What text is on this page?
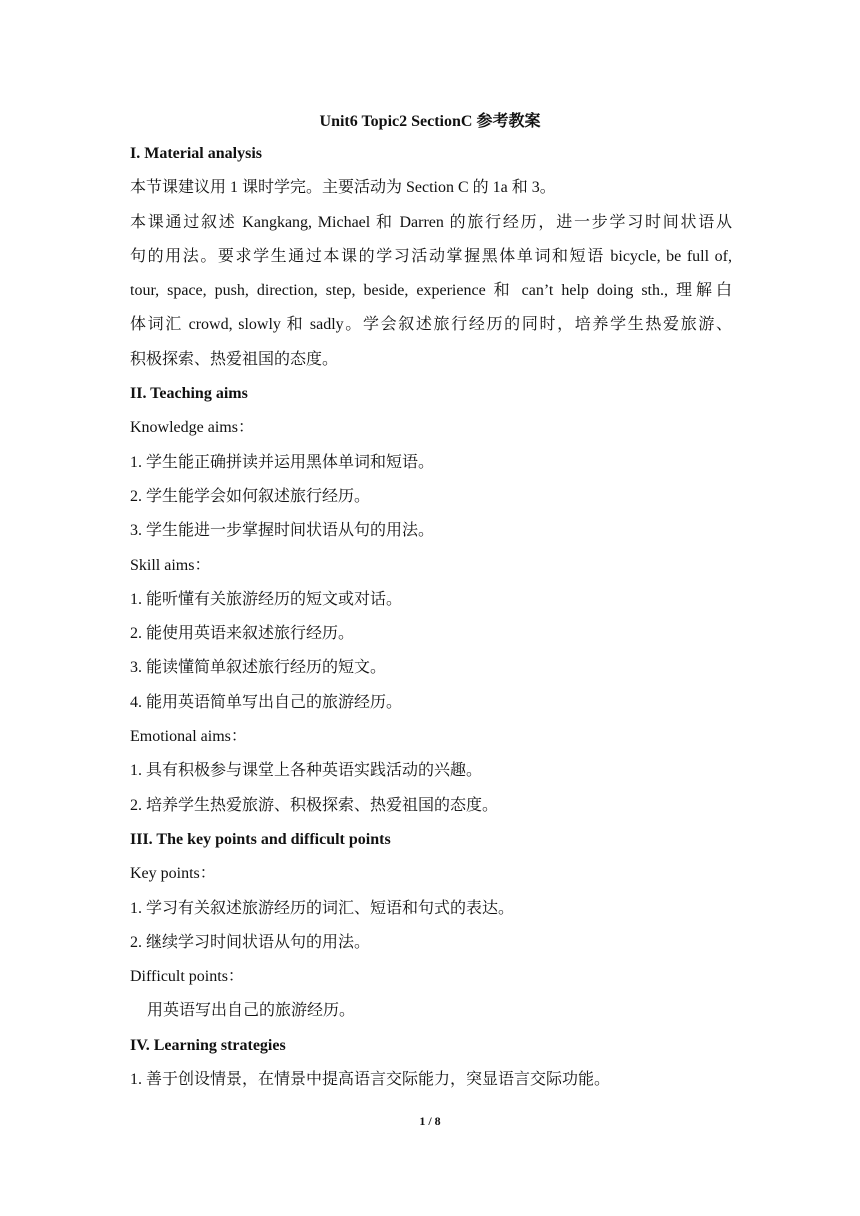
Unit6 Topic2 SectionC 参考教案
I. Material analysis
本节课建议用 1 课时学完。主要活动为 Section C 的 1a 和 3。
本课通过叙述 Kangkang, Michael 和 Darren 的旅行经历，进一步学习时间状语从
句的用法。要求学生通过本课的学习活动掌握黑体单词和短语 bicycle, be full of,
tour, space, push, direction, step, beside, experience 和 can’t help doing sth., 理解白
体词汇 crowd, slowly 和 sadly。学会叙述旅行经历的同时，培养学生热爱旅游、
积极探索、热爱祖国的态度。
II. Teaching aims
Knowledge aims：
1. 学生能正确拼读并运用黑体单词和短语。
2. 学生能学会如何叙述旅行经历。
3. 学生能进一步掌握时间状语从句的用法。
Skill aims：
1. 能听懂有关旅游经历的短文或对话。
2. 能使用英语来叙述旅行经历。
3. 能读懂简单叙述旅行经历的短文。
4. 能用英语简单写出自己的旅游经历。
Emotional aims：
1. 具有积极参与课堂上各种英语实践活动的兴趣。
2. 培养学生热爱旅游、积极探索、热爱祖国的态度。
III. The key points and difficult points
Key points：
1. 学习有关叙述旅游经历的词汇、短语和句式的表达。
2. 继续学习时间状语从句的用法。
Difficult points：
用英语写出自己的旅游经历。
IV. Learning strategies
1. 善于创设情景，在情景中提高语言交际能力，突显语言交际功能。
1 / 8
